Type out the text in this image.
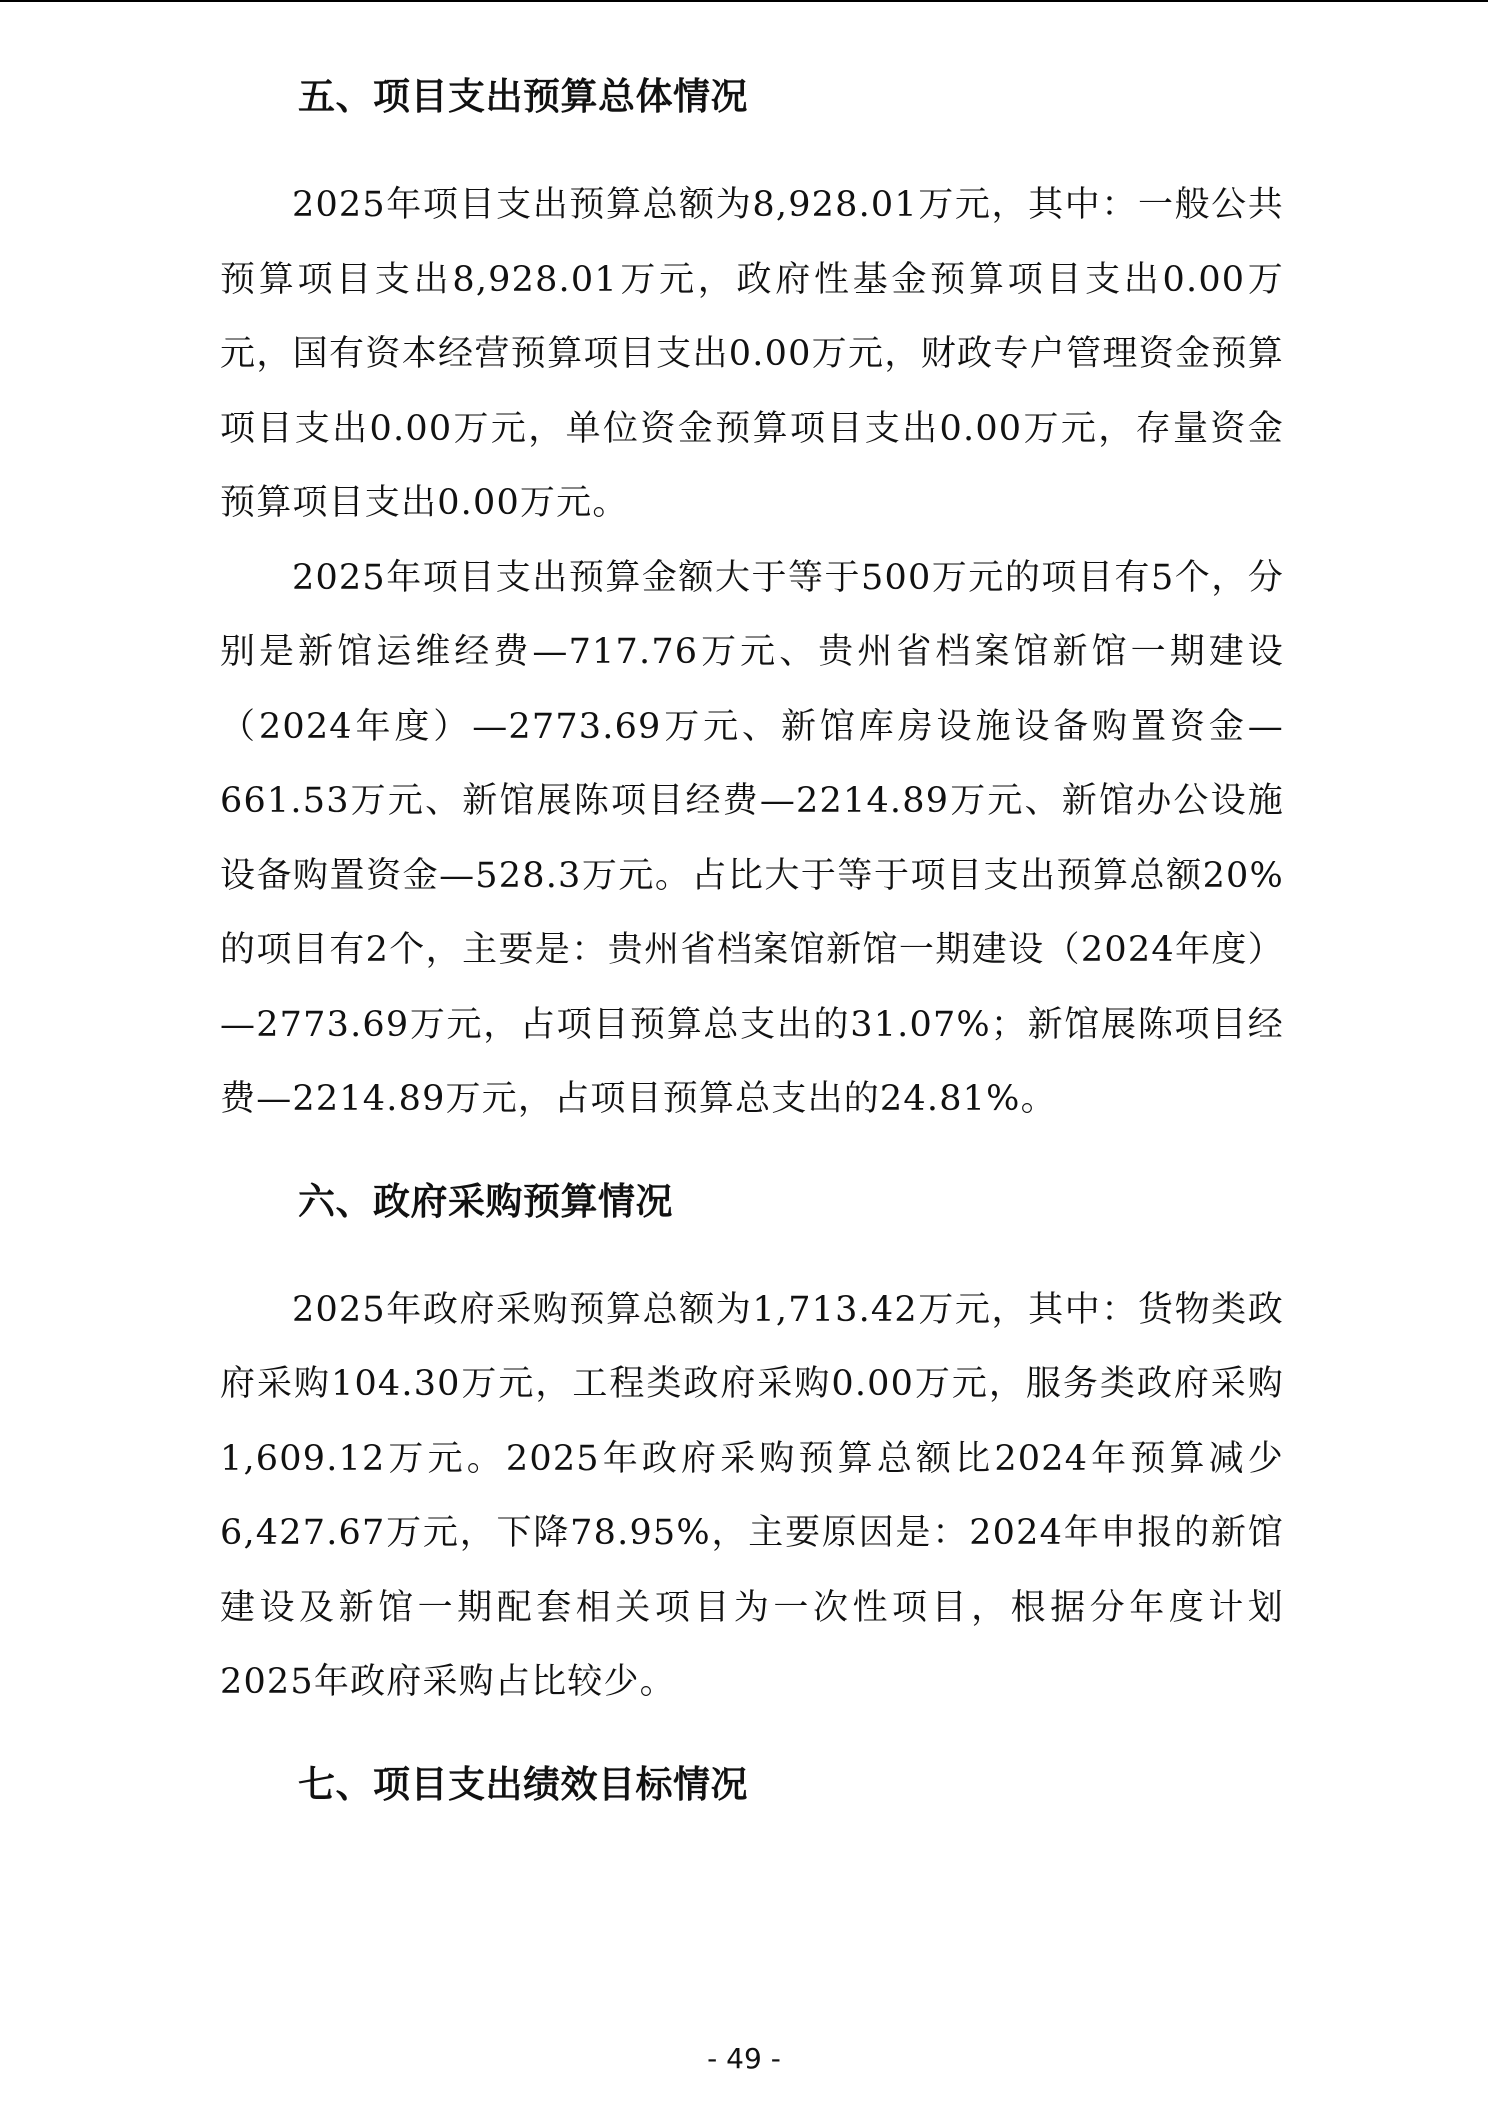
五、项目支出预算总体情况

2025年项目支出预算总额为8,928.01万元，其中：一般公共预算项目支出8,928.01万元，政府性基金预算项目支出0.00万元，国有资本经营预算项目支出0.00万元，财政专户管理资金预算项目支出0.00万元，单位资金预算项目支出0.00万元，存量资金预算项目支出0.00万元。

2025年项目支出预算金额大于等于500万元的项目有5个，分别是新馆运维经费—717.76万元、贵州省档案馆新馆一期建设（2024年度）—2773.69万元、新馆库房设施设备购置资金—661.53万元、新馆展陈项目经费—2214.89万元、新馆办公设施设备购置资金—528.3万元。占比大于等于项目支出预算总额20%的项目有2个，主要是：贵州省档案馆新馆一期建设（2024年度）—2773.69万元，占项目预算总支出的31.07%；新馆展陈项目经费—2214.89万元，占项目预算总支出的24.81%。

六、政府采购预算情况

2025年政府采购预算总额为1,713.42万元，其中：货物类政府采购104.30万元，工程类政府采购0.00万元，服务类政府采购1,609.12万元。2025年政府采购预算总额比2024年预算减少6,427.67万元，下降78.95%，主要原因是：2024年申报的新馆建设及新馆一期配套相关项目为一次性项目，根据分年度计划2025年政府采购占比较少。

七、项目支出绩效目标情况
- 49 -
